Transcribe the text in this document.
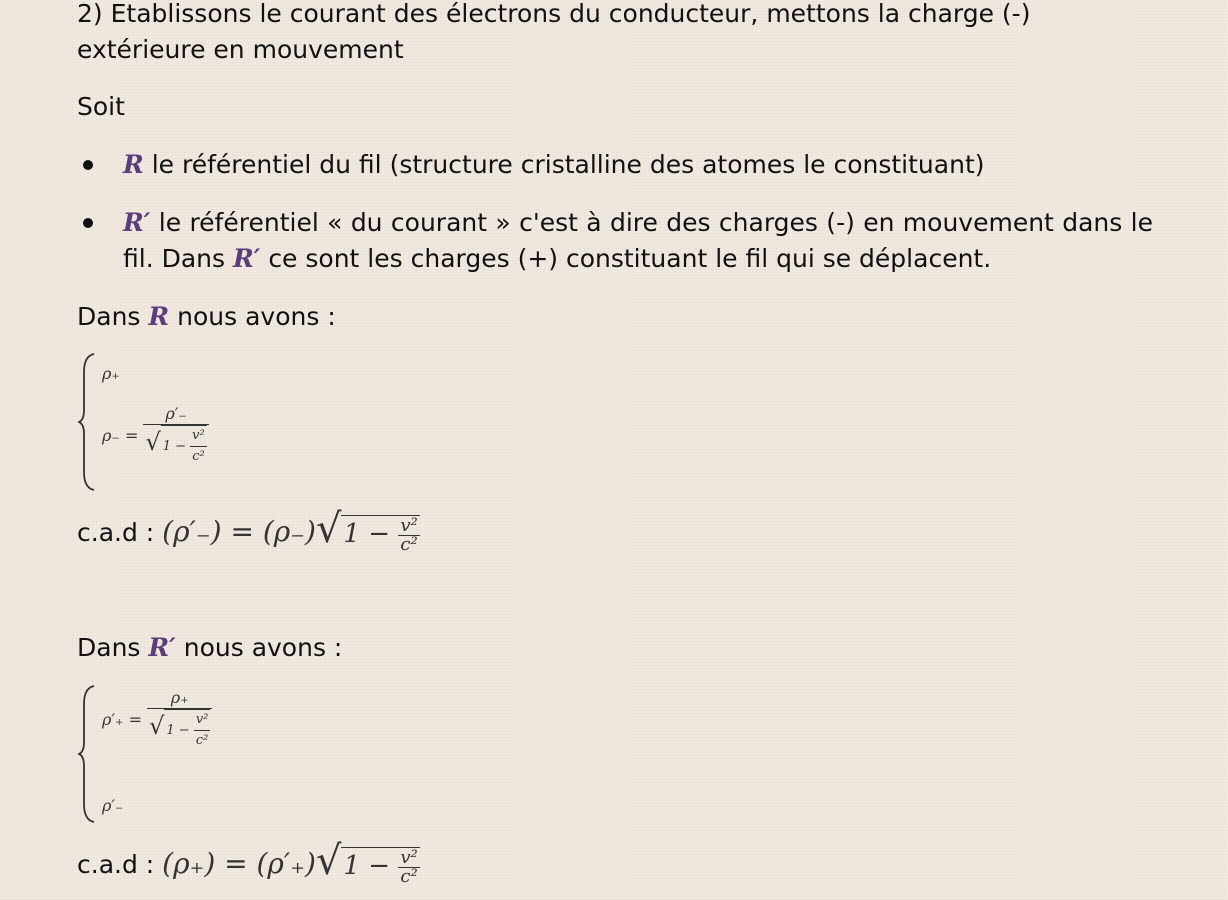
2) Etablissons le courant des électrons du conducteur, mettons la charge (-) extérieure en mouvement
Soit
R le référentiel du fil (structure cristalline des atomes le constituant)
R′ le référentiel « du courant » c'est à dire des charges (-) en mouvement dans le fil. Dans R′ ce sont les charges (+) constituant le fil qui se déplacent.
Dans R nous avons :
ρ₊
$\rho_- = \frac{\rho'_-}{√ 1 - \frac{\text{v²}}{\text{c²}}}$
c.a.d : $(\rho'_-) = (\rho_-)√1 - \frac{\text{v²}}{\text{c²}}$
Dans R′ nous avons :
$\rho'_+ = \frac{\rho_+}{√ 1 - \frac{\text{v²}}{\text{c²}}}$
ρ′₋
c.a.d : $(\rho_+) = (\rho'_+)√1 - \frac{\text{v²}}{\text{c²}}$
